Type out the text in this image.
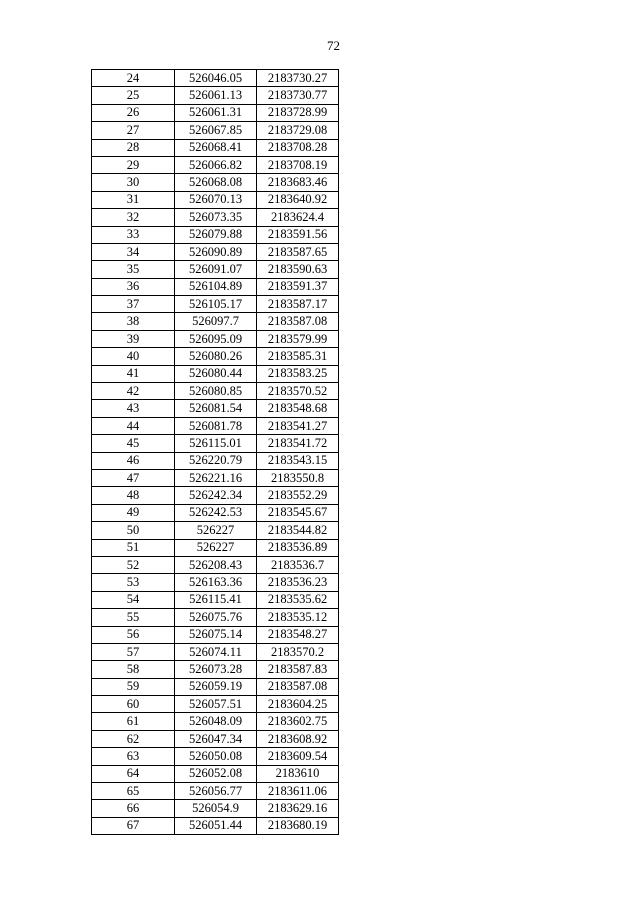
72
24	526046.05	2183730.27
25	526061.13	2183730.77
26	526061.31	2183728.99
27	526067.85	2183729.08
28	526068.41	2183708.28
29	526066.82	2183708.19
30	526068.08	2183683.46
31	526070.13	2183640.92
32	526073.35	2183624.4
33	526079.88	2183591.56
34	526090.89	2183587.65
35	526091.07	2183590.63
36	526104.89	2183591.37
37	526105.17	2183587.17
38	526097.7	2183587.08
39	526095.09	2183579.99
40	526080.26	2183585.31
41	526080.44	2183583.25
42	526080.85	2183570.52
43	526081.54	2183548.68
44	526081.78	2183541.27
45	526115.01	2183541.72
46	526220.79	2183543.15
47	526221.16	2183550.8
48	526242.34	2183552.29
49	526242.53	2183545.67
50	526227	2183544.82
51	526227	2183536.89
52	526208.43	2183536.7
53	526163.36	2183536.23
54	526115.41	2183535.62
55	526075.76	2183535.12
56	526075.14	2183548.27
57	526074.11	2183570.2
58	526073.28	2183587.83
59	526059.19	2183587.08
60	526057.51	2183604.25
61	526048.09	2183602.75
62	526047.34	2183608.92
63	526050.08	2183609.54
64	526052.08	2183610
65	526056.77	2183611.06
66	526054.9	2183629.16
67	526051.44	2183680.19
